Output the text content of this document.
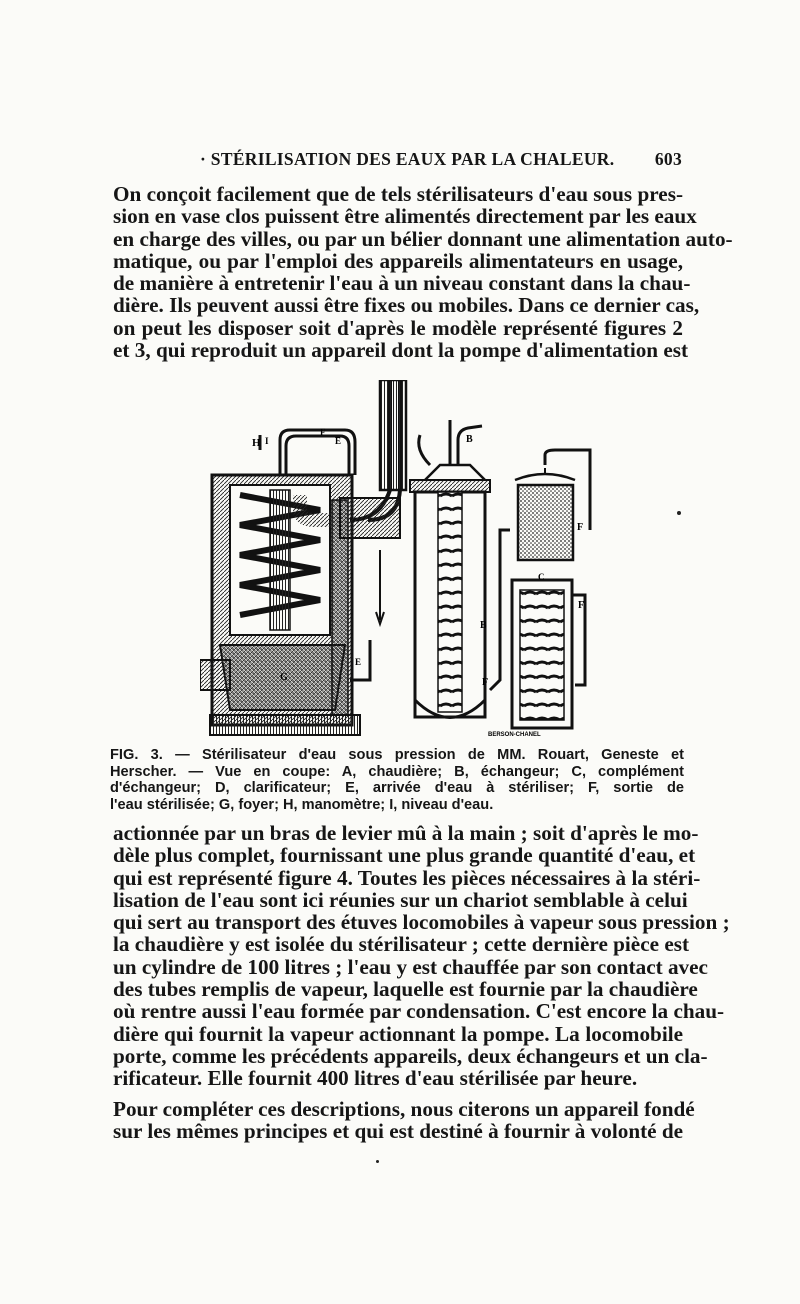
· STÉRILISATION DES EAUX PAR LA CHALEUR. 603
On conçoit facilement que de tels stérilisateurs d'eau sous pres-
sion en vase clos puissent être alimentés directement par les eaux
en charge des villes, ou par un bélier donnant une alimentation auto-
matique, ou par l'emploi des appareils alimentateurs en usage,
de manière à entretenir l'eau à un niveau constant dans la chau-
dière. Ils peuvent aussi être fixes ou mobiles. Dans ce dernier cas,
on peut les disposer soit d'après le modèle représenté figures 2
et 3, qui reproduit un appareil dont la pompe d'alimentation est
H I	E
E
G
B
B
F
F
F
C
F
BERSON-CHANEL
FIG. 3. — Stérilisateur d'eau sous pression de MM. Rouart, Geneste et
Herscher. — Vue en coupe: A, chaudière; B, échangeur; C, complément
d'échangeur; D, clarificateur; E, arrivée d'eau à stériliser; F, sortie de
l'eau stérilisée; G, foyer; H, manomètre; I, niveau d'eau.
actionnée par un bras de levier mû à la main ; soit d'après le mo-
dèle plus complet, fournissant une plus grande quantité d'eau, et
qui est représenté figure 4. Toutes les pièces nécessaires à la stéri-
lisation de l'eau sont ici réunies sur un chariot semblable à celui
qui sert au transport des étuves locomobiles à vapeur sous pression ;
la chaudière y est isolée du stérilisateur ; cette dernière pièce est
un cylindre de 100 litres ; l'eau y est chauffée par son contact avec
des tubes remplis de vapeur, laquelle est fournie par la chaudière
où rentre aussi l'eau formée par condensation. C'est encore la chau-
dière qui fournit la vapeur actionnant la pompe. La locomobile
porte, comme les précédents appareils, deux échangeurs et un cla-
rificateur. Elle fournit 400 litres d'eau stérilisée par heure.
Pour compléter ces descriptions, nous citerons un appareil fondé
sur les mêmes principes et qui est destiné à fournir à volonté de
